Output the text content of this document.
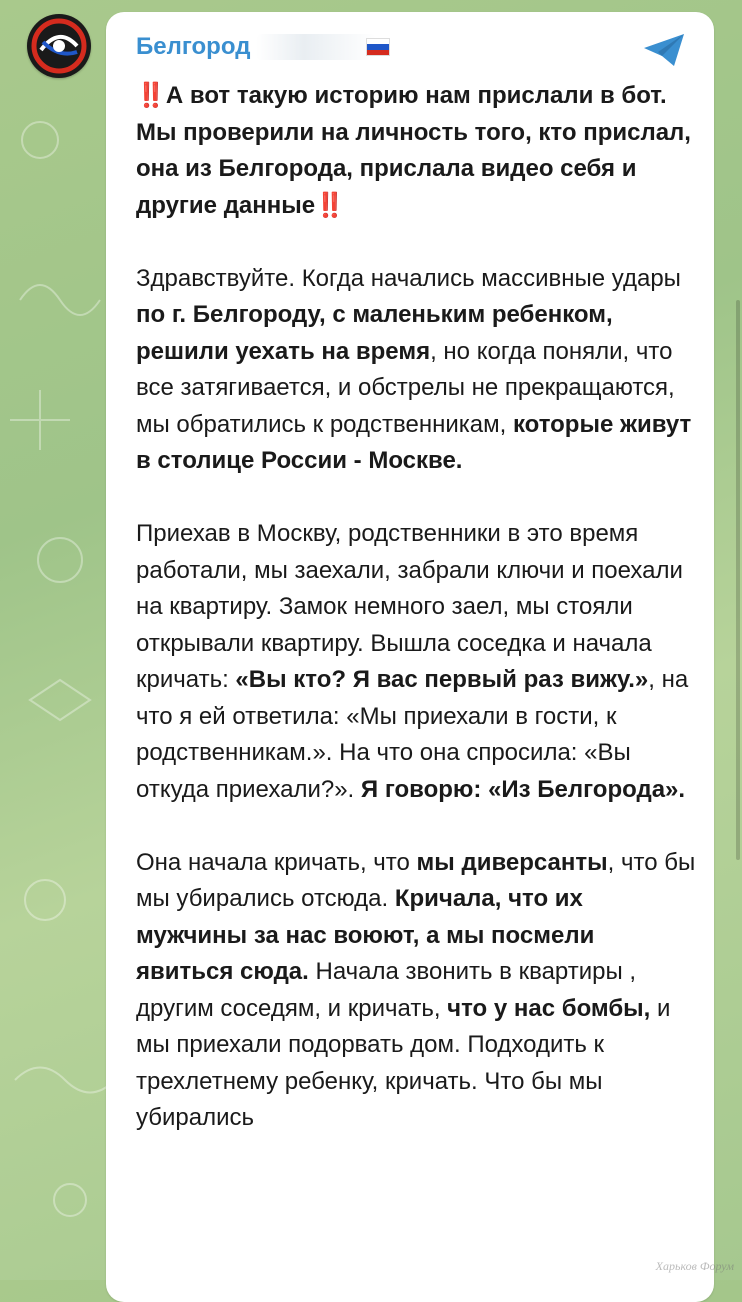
Белгород

‼️А вот такую историю нам прислали в бот. Мы проверили на личность того, кто прислал, она из Белгорода, прислала видео себя и другие данные‼️

Здравствуйте. Когда начались массивные удары по г. Белгороду, с маленьким ребенком, решили уехать на время, но когда поняли, что все затягивается, и обстрелы не прекращаются, мы обратились к родственникам, которые живут в столице России - Москве.

Приехав в Москву, родственники в это время работали, мы заехали, забрали ключи и поехали на квартиру. Замок немного заел, мы стояли открывали квартиру. Вышла соседка и начала кричать: «Вы кто? Я вас первый раз вижу.», на что я ей ответила: «Мы приехали в гости, к родственникам.». На что она спросила: «Вы откуда приехали?». Я говорю: «Из Белгорода».

Она начала кричать, что мы диверсанты, что бы мы убирались отсюда. Кричала, что их мужчины за нас воюют, а мы посмели явиться сюда. Начала звонить в квартиры , другим соседям, и кричать, что у нас бомбы, и мы приехали подорвать дом. Подходить к трехлетнему ребенку, кричать. Что бы мы убирались

Харьков Форум
